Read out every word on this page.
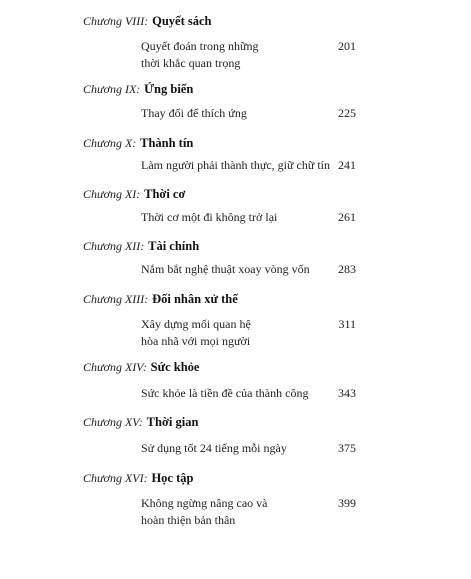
Chương VIII: Quyết sách
Quyết đoán trong những
thời khắc quan trọng
201
Chương IX: Ứng biến
Thay đổi để thích ứng	225
Chương X: Thành tín
Làm người phải thành thực, giữ chữ tín 241
Chương XI: Thời cơ
Thời cơ một đi không trở lại	261
Chương XII: Tài chính
Nắm bắt nghệ thuật xoay vòng vốn 283
Chương XIII: Đối nhân xử thế
Xây dựng mối quan hệ
hòa nhã với mọi người
311
Chương XIV: Sức khỏe
Sức khỏe là tiền đề của thành công 343
Chương XV: Thời gian
Sử dụng tốt 24 tiếng mỗi ngày	375
Chương XVI: Học tập
Không ngừng nâng cao và
hoàn thiện bản thân
399
